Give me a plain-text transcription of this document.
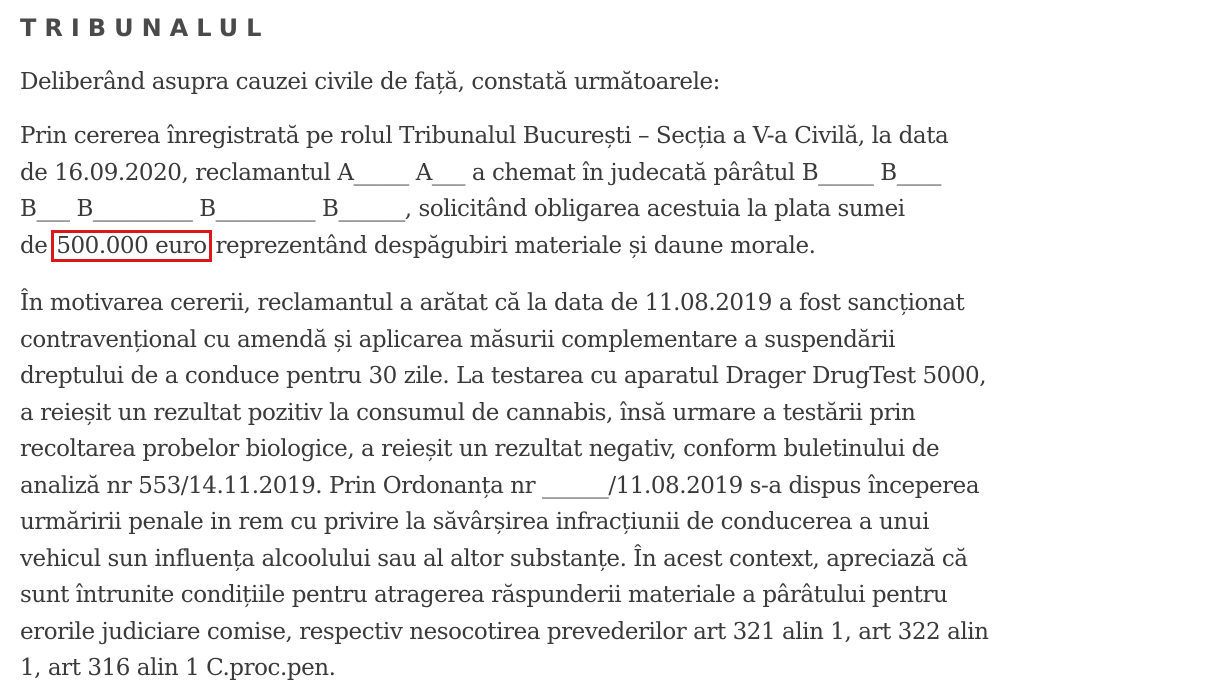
TRIBUNALUL

Deliberând asupra cauzei civile de față, constată următoarele:

Prin cererea înregistrată pe rolul Tribunalul București – Secția a V-a Civilă, la data
de 16.09.2020, reclamantul A_____ A___ a chemat în judecată pârâtul B_____ B____
B___ B_________ B_________ B______, solicitând obligarea acestuia la plata sumei
de 500.000 euro reprezentând despăgubiri materiale și daune morale.

În motivarea cererii, reclamantul a arătat că la data de 11.08.2019 a fost sancționat
contravențional cu amendă și aplicarea măsurii complementare a suspendării
dreptului de a conduce pentru 30 zile. La testarea cu aparatul Drager DrugTest 5000,
a reieșit un rezultat pozitiv la consumul de cannabis, însă urmare a testării prin
recoltarea probelor biologice, a reieșit un rezultat negativ, conform buletinului de
analiză nr 553/14.11.2019. Prin Ordonanța nr ______/11.08.2019 s-a dispus începerea
urmăririi penale in rem cu privire la săvârșirea infracțiunii de conducerea a unui
vehicul sun influența alcoolului sau al altor substanțe. În acest context, apreciază că
sunt întrunite condițiile pentru atragerea răspunderii materiale a pârâtului pentru
erorile judiciare comise, respectiv nesocotirea prevederilor art 321 alin 1, art 322 alin
1, art 316 alin 1 C.proc.pen.
